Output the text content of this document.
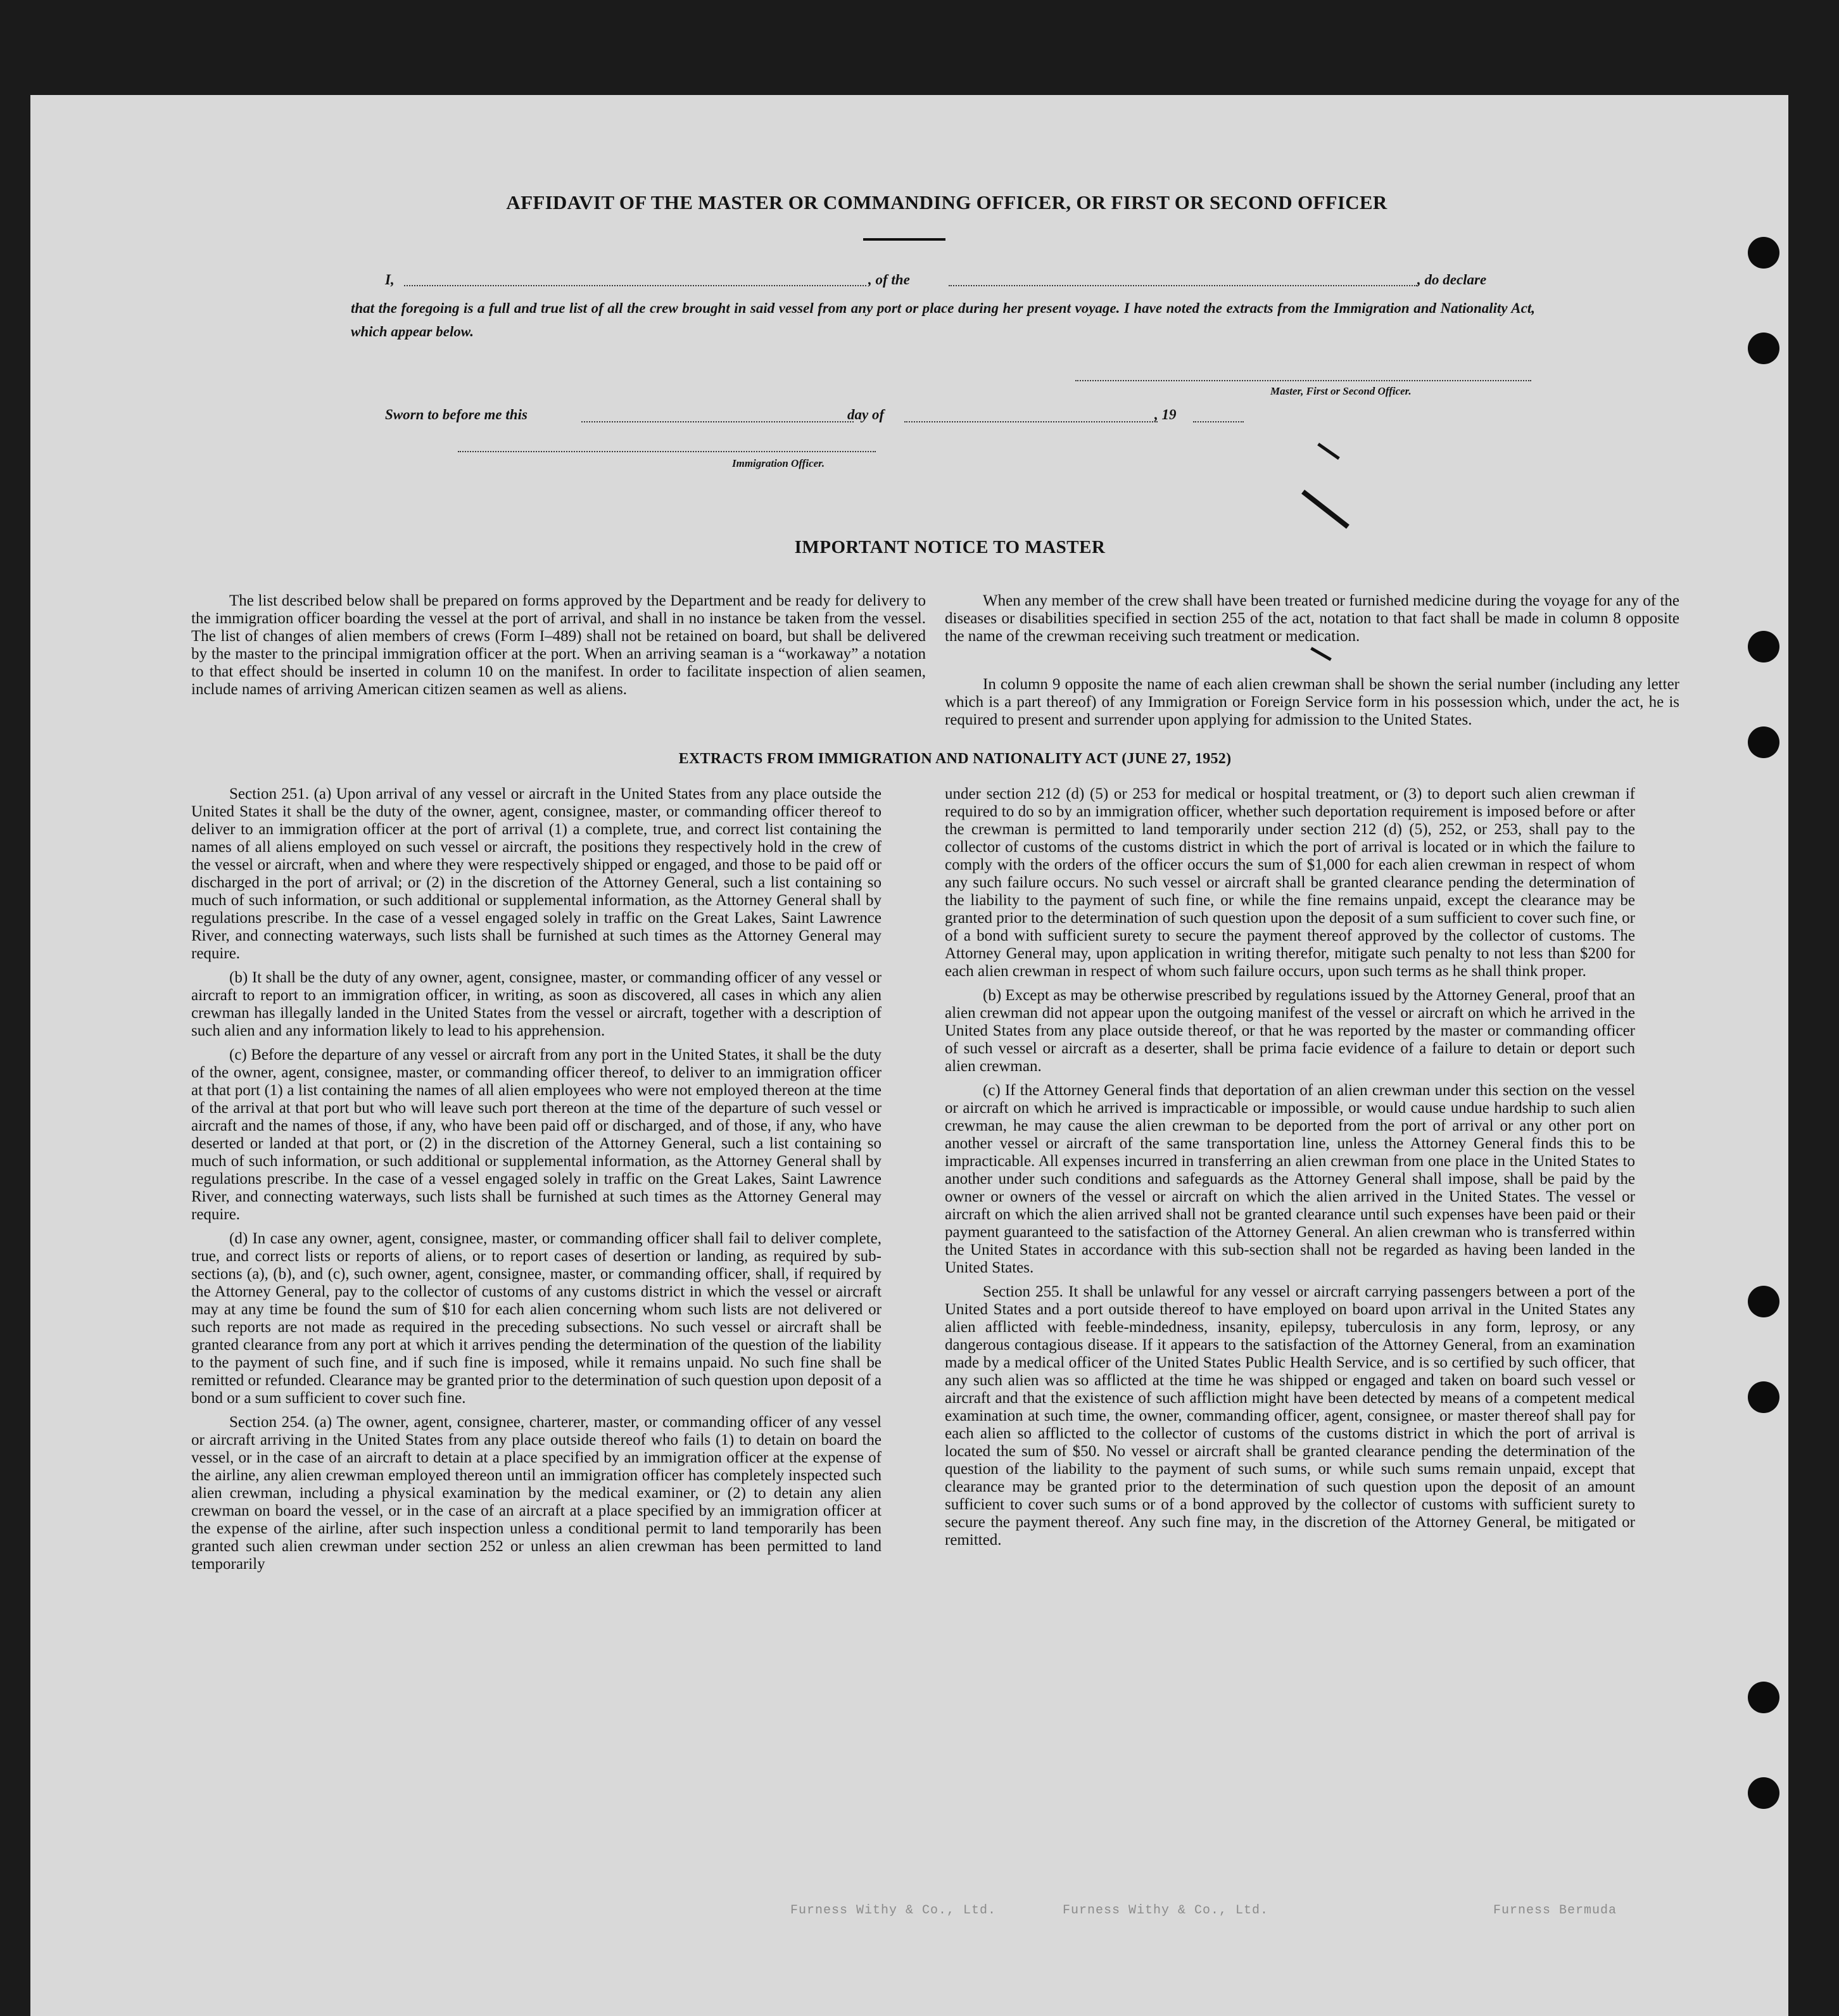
AFFIDAVIT OF THE MASTER OR COMMANDING OFFICER, OR FIRST OR SECOND OFFICER
I,	, of the	, do declare
that the foregoing is a full and true list of all the crew brought in said vessel from any port or place during her present voyage. I have noted the extracts from the Immigration and Nationality Act, which appear below.
Master, First or Second Officer.
Sworn to before me this	day of	, 19
Immigration Officer.
IMPORTANT NOTICE TO MASTER

The list described below shall be prepared on forms approved by the Department and be ready for delivery to the immigration officer boarding the vessel at the port of arrival, and shall in no instance be taken from the vessel. The list of changes of alien members of crews (Form I–489) shall not be retained on board, but shall be delivered by the master to the principal immigration officer at the port. When an arriving seaman is a “workaway” a notation to that effect should be inserted in column 10 on the manifest. In order to facilitate inspection of alien seamen, include names of arriving American citizen seamen as well as aliens.

When any member of the crew shall have been treated or furnished medicine during the voyage for any of the diseases or disabilities specified in section 255 of the act, notation to that fact shall be made in column 8 opposite the name of the crewman receiving such treatment or medication.

In column 9 opposite the name of each alien crewman shall be shown the serial number (including any letter which is a part thereof) of any Immigration or Foreign Service form in his possession which, under the act, he is required to present and surrender upon applying for admission to the United States.

EXTRACTS FROM IMMIGRATION AND NATIONALITY ACT (JUNE 27, 1952)

Section 251. (a) Upon arrival of any vessel or aircraft in the United States from any place outside the United States it shall be the duty of the owner, agent, consignee, master, or commanding officer thereof to deliver to an immigration officer at the port of arrival (1) a complete, true, and correct list containing the names of all aliens employed on such vessel or aircraft, the positions they respectively hold in the crew of the vessel or aircraft, when and where they were respectively shipped or engaged, and those to be paid off or discharged in the port of arrival; or (2) in the discretion of the Attorney General, such a list containing so much of such information, or such additional or supplemental information, as the Attorney General shall by regulations prescribe. In the case of a vessel engaged solely in traffic on the Great Lakes, Saint Lawrence River, and connecting waterways, such lists shall be furnished at such times as the Attorney General may require.

(b) It shall be the duty of any owner, agent, consignee, master, or commanding officer of any vessel or aircraft to report to an immigration officer, in writing, as soon as discovered, all cases in which any alien crewman has illegally landed in the United States from the vessel or aircraft, together with a description of such alien and any information likely to lead to his apprehension.

(c) Before the departure of any vessel or aircraft from any port in the United States, it shall be the duty of the owner, agent, consignee, master, or commanding officer thereof, to deliver to an immigration officer at that port (1) a list containing the names of all alien employees who were not employed thereon at the time of the arrival at that port but who will leave such port thereon at the time of the departure of such vessel or aircraft and the names of those, if any, who have been paid off or discharged, and of those, if any, who have deserted or landed at that port, or (2) in the discretion of the Attorney General, such a list containing so much of such information, or such additional or supplemental information, as the Attorney General shall by regulations prescribe. In the case of a vessel engaged solely in traffic on the Great Lakes, Saint Lawrence River, and connecting waterways, such lists shall be furnished at such times as the Attorney General may require.

(d) In case any owner, agent, consignee, master, or commanding officer shall fail to deliver complete, true, and correct lists or reports of aliens, or to report cases of desertion or landing, as required by sub-sections (a), (b), and (c), such owner, agent, consignee, master, or commanding officer, shall, if required by the Attorney General, pay to the collector of customs of any customs district in which the vessel or aircraft may at any time be found the sum of $10 for each alien concerning whom such lists are not delivered or such reports are not made as required in the preceding subsections. No such vessel or aircraft shall be granted clearance from any port at which it arrives pending the determination of the question of the liability to the payment of such fine, and if such fine is imposed, while it remains unpaid. No such fine shall be remitted or refunded. Clearance may be granted prior to the determination of such question upon deposit of a bond or a sum sufficient to cover such fine.

Section 254. (a) The owner, agent, consignee, charterer, master, or commanding officer of any vessel or aircraft arriving in the United States from any place outside thereof who fails (1) to detain on board the vessel, or in the case of an aircraft to detain at a place specified by an immigration officer at the expense of the airline, any alien crewman employed thereon until an immigration officer has completely inspected such alien crewman, including a physical examination by the medical examiner, or (2) to detain any alien crewman on board the vessel, or in the case of an aircraft at a place specified by an immigration officer at the expense of the airline, after such inspection unless a conditional permit to land temporarily has been granted such alien crewman under section 252 or unless an alien crewman has been permitted to land temporarily

under section 212 (d) (5) or 253 for medical or hospital treatment, or (3) to deport such alien crewman if required to do so by an immigration officer, whether such deportation requirement is imposed before or after the crewman is permitted to land temporarily under section 212 (d) (5), 252, or 253, shall pay to the collector of customs of the customs district in which the port of arrival is located or in which the failure to comply with the orders of the officer occurs the sum of $1,000 for each alien crewman in respect of whom any such failure occurs. No such vessel or aircraft shall be granted clearance pending the determination of the liability to the payment of such fine, or while the fine remains unpaid, except the clearance may be granted prior to the determination of such question upon the deposit of a sum sufficient to cover such fine, or of a bond with sufficient surety to secure the payment thereof approved by the collector of customs. The Attorney General may, upon application in writing therefor, mitigate such penalty to not less than $200 for each alien crewman in respect of whom such failure occurs, upon such terms as he shall think proper.

(b) Except as may be otherwise prescribed by regulations issued by the Attorney General, proof that an alien crewman did not appear upon the outgoing manifest of the vessel or aircraft on which he arrived in the United States from any place outside thereof, or that he was reported by the master or commanding officer of such vessel or aircraft as a deserter, shall be prima facie evidence of a failure to detain or deport such alien crewman.

(c) If the Attorney General finds that deportation of an alien crewman under this section on the vessel or aircraft on which he arrived is impracticable or impossible, or would cause undue hardship to such alien crewman, he may cause the alien crewman to be deported from the port of arrival or any other port on another vessel or aircraft of the same transportation line, unless the Attorney General finds this to be impracticable. All expenses incurred in transferring an alien crewman from one place in the United States to another under such conditions and safeguards as the Attorney General shall impose, shall be paid by the owner or owners of the vessel or aircraft on which the alien arrived in the United States. The vessel or aircraft on which the alien arrived shall not be granted clearance until such expenses have been paid or their payment guaranteed to the satisfaction of the Attorney General. An alien crewman who is transferred within the United States in accordance with this sub-section shall not be regarded as having been landed in the United States.

Section 255. It shall be unlawful for any vessel or aircraft carrying passengers between a port of the United States and a port outside thereof to have employed on board upon arrival in the United States any alien afflicted with feeble-mindedness, insanity, epilepsy, tuberculosis in any form, leprosy, or any dangerous contagious disease. If it appears to the satisfaction of the Attorney General, from an examination made by a medical officer of the United States Public Health Service, and is so certified by such officer, that any such alien was so afflicted at the time he was shipped or engaged and taken on board such vessel or aircraft and that the existence of such affliction might have been detected by means of a competent medical examination at such time, the owner, commanding officer, agent, consignee, or master thereof shall pay for each alien so afflicted to the collector of customs of the customs district in which the port of arrival is located the sum of $50. No vessel or aircraft shall be granted clearance pending the determination of the question of the liability to the payment of such sums, or while such sums remain unpaid, except that clearance may be granted prior to the determination of such question upon the deposit of an amount sufficient to cover such sums or of a bond approved by the collector of customs with sufficient surety to secure the payment thereof. Any such fine may, in the discretion of the Attorney General, be mitigated or remitted.

Furness Withy & Co., Ltd.	Furness Withy & Co., Ltd.	Furness Bermuda
